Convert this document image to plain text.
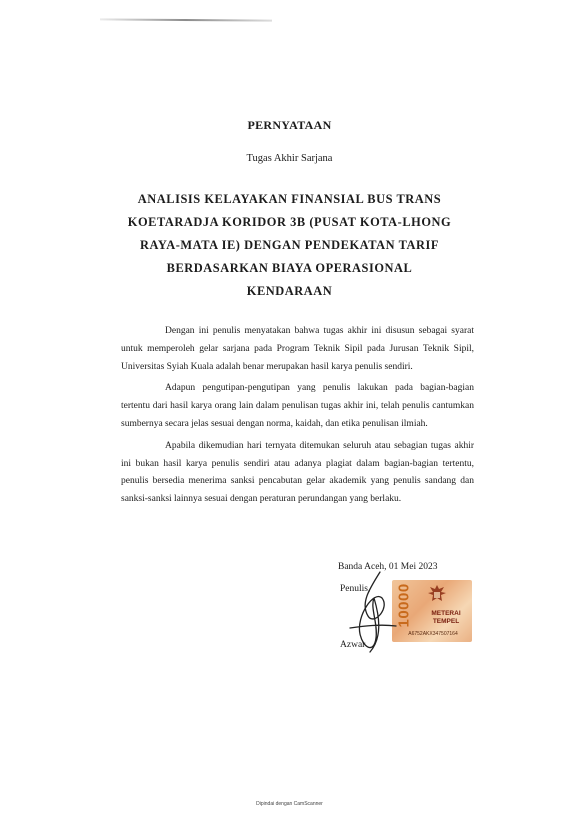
PERNYATAAN
Tugas Akhir Sarjana
ANALISIS KELAYAKAN FINANSIAL BUS TRANS
KOETARADJA KORIDOR 3B (PUSAT KOTA-LHONG
RAYA-MATA IE) DENGAN PENDEKATAN TARIF
BERDASARKAN BIAYA OPERASIONAL
KENDARAAN

Dengan ini penulis menyatakan bahwa tugas akhir ini disusun sebagai syarat untuk memperoleh gelar sarjana pada Program Teknik Sipil pada Jurusan Teknik Sipil, Universitas Syiah Kuala adalah benar merupakan hasil karya penulis sendiri.

Adapun pengutipan-pengutipan yang penulis lakukan pada bagian-bagian tertentu dari hasil karya orang lain dalam penulisan tugas akhir ini, telah penulis cantumkan sumbernya secara jelas sesuai dengan norma, kaidah, dan etika penulisan ilmiah.

Apabila dikemudian hari ternyata ditemukan seluruh atau sebagian tugas akhir ini bukan hasil karya penulis sendiri atau adanya plagiat dalam bagian-bagian tertentu, penulis bersedia menerima sanksi pencabutan gelar akademik yang penulis sandang dan sanksi-sanksi lainnya sesuai dengan peraturan perundangan yang berlaku.

10000	METERAI
TEMPEL
A6752AKX347507164
Banda Aceh, 01 Mei 2023
Penulis,
Azwar
Dipindai dengan CamScanner
